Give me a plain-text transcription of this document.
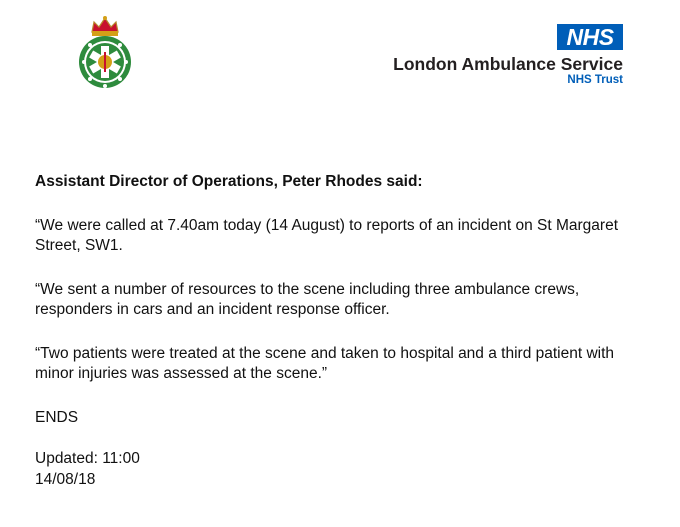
NHS
London Ambulance Service
NHS Trust

Assistant Director of Operations, Peter Rhodes said:

“We were called at 7.40am today (14 August) to reports of an incident on St Margaret Street, SW1.

“We sent a number of resources to the scene including three ambulance crews, responders in cars and an incident response officer.

“Two patients were treated at the scene and taken to hospital and a third patient with minor injuries was assessed at the scene.”

ENDS

Updated: 11:00

14/08/18
